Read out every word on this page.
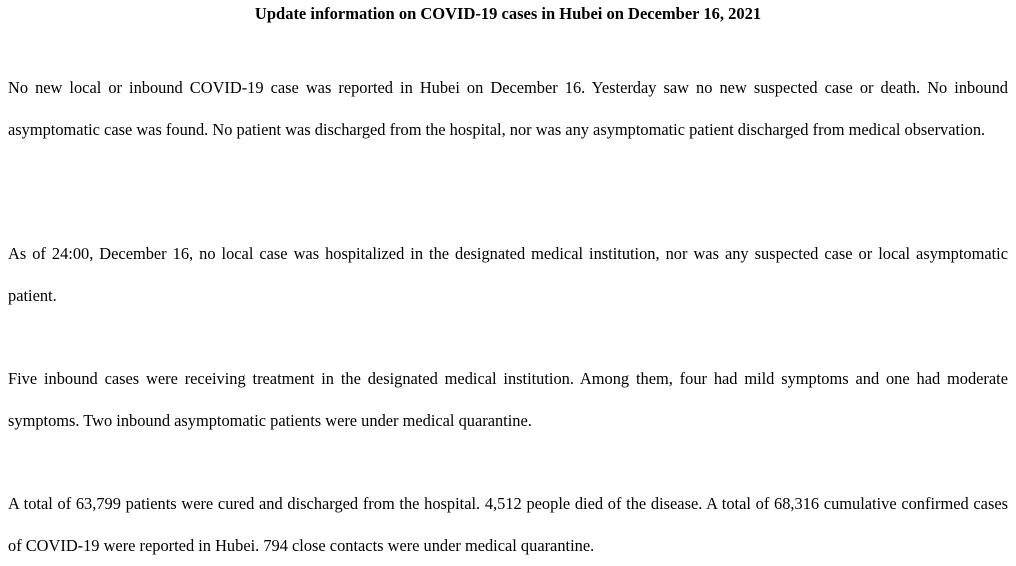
Update information on COVID-19 cases in Hubei on December 16, 2021

No new local or inbound COVID-19 case was reported in Hubei on December 16. Yesterday saw no new suspected case or death. No inbound asymptomatic case was found. No patient was discharged from the hospital, nor was any asymptomatic patient discharged from medical observation.

As of 24:00, December 16, no local case was hospitalized in the designated medical institution, nor was any suspected case or local asymptomatic patient.

Five inbound cases were receiving treatment in the designated medical institution. Among them, four had mild symptoms and one had moderate symptoms. Two inbound asymptomatic patients were under medical quarantine.

A total of 63,799 patients were cured and discharged from the hospital. 4,512 people died of the disease. A total of 68,316 cumulative confirmed cases of COVID-19 were reported in Hubei. 794 close contacts were under medical quarantine.
